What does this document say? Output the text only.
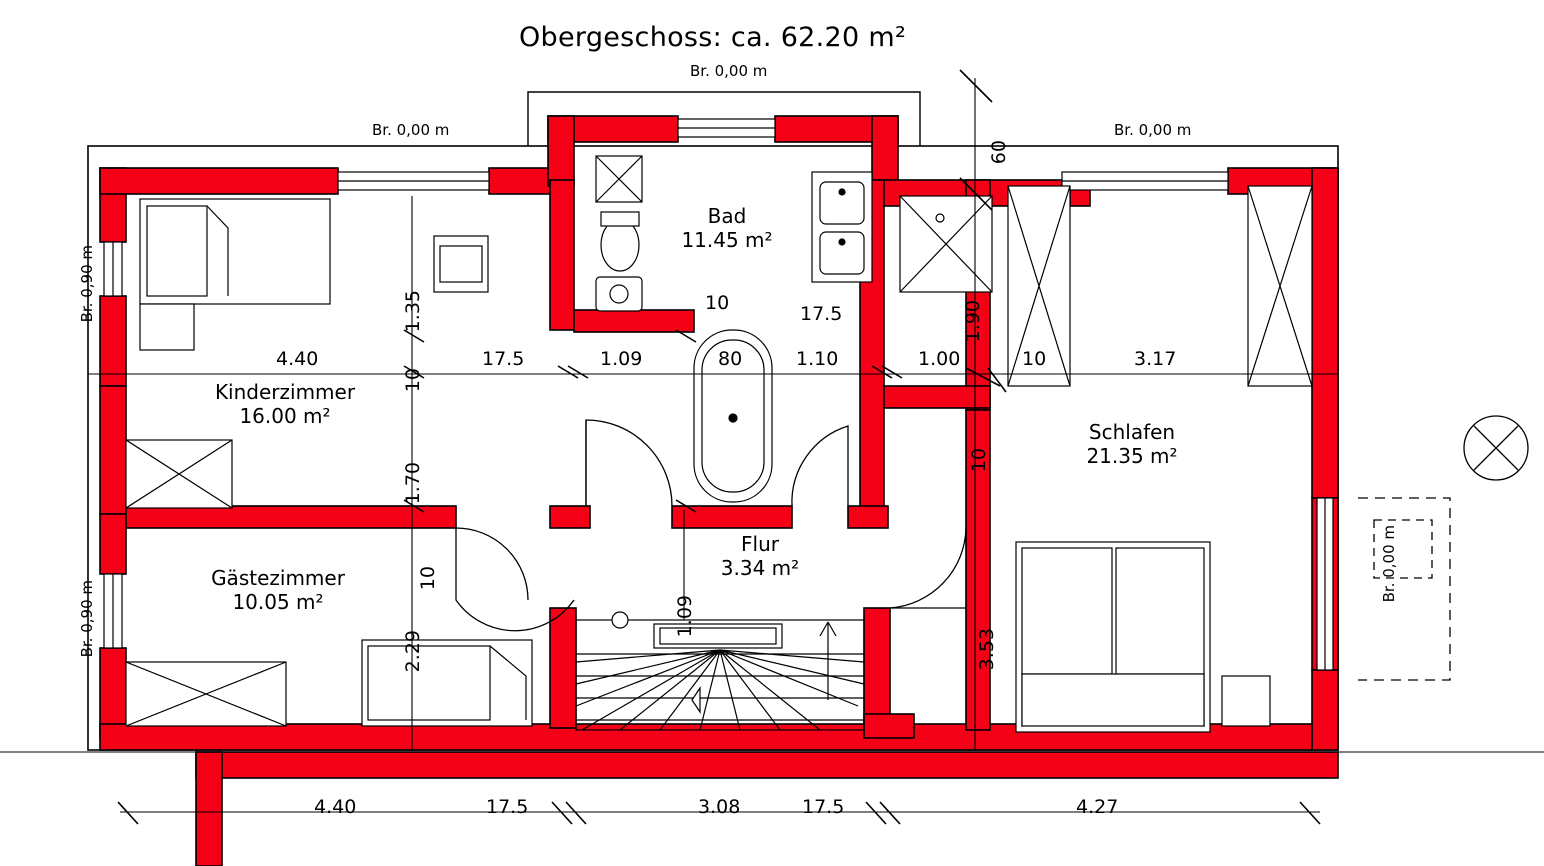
Obergeschoss: ca. 62.20 m²
Br. 0,00 m
Br. 0,00 m	Br. 0,00 m
Br. 0,90 m
Br. 0,90 m
Br. 0,00 m
Kinderzimmer
16.00 m²
Gästezimmer
10.05 m²
Bad
11.45 m²
Flur
3.34 m²
Schlafen
21.35 m²
4.40	17.5	1.09	80	1.10	1.00	10	3.17
10	17.5
1.35
10
1.70
10
2.29
1.09
60
1.90
10
3.53
4.40	17.5	3.08	17.5	4.27
